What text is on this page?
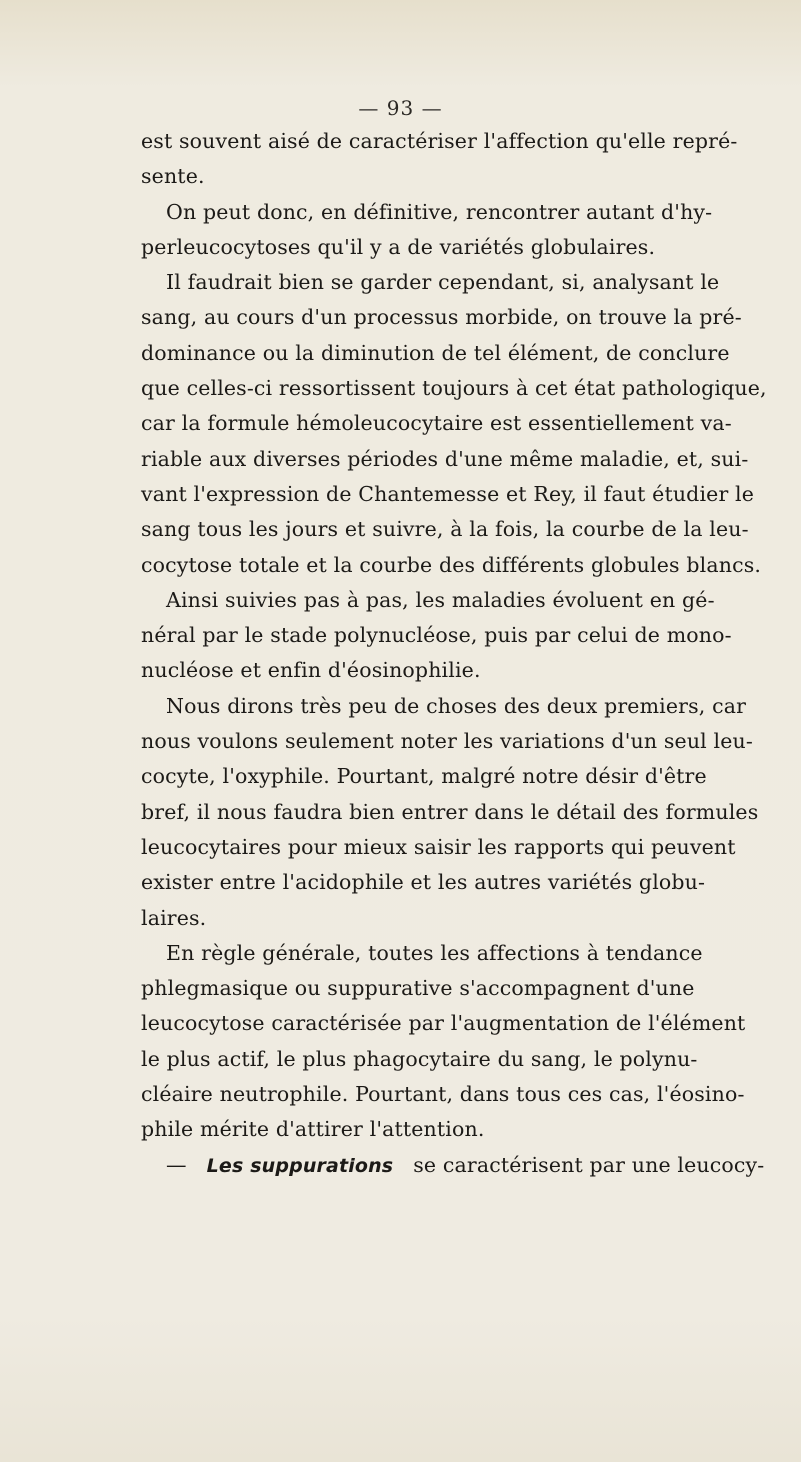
— 93 —
est souvent aisé de caractériser l'affection qu'elle repré-
sente.
On peut donc, en définitive, rencontrer autant d'hy-
perleucocytoses qu'il y a de variétés globulaires.
Il faudrait bien se garder cependant, si, analysant le
sang, au cours d'un processus morbide, on trouve la pré-
dominance ou la diminution de tel élément, de conclure
que celles-ci ressortissent toujours à cet état pathologique,
car la formule hémoleucocytaire est essentiellement va-
riable aux diverses périodes d'une même maladie, et, sui-
vant l'expression de Chantemesse et Rey, il faut étudier le
sang tous les jours et suivre, à la fois, la courbe de la leu-
cocytose totale et la courbe des différents globules blancs.
Ainsi suivies pas à pas, les maladies évoluent en gé-
néral par le stade polynucléose, puis par celui de mono-
nucléose et enfin d'éosinophilie.
Nous dirons très peu de choses des deux premiers, car
nous voulons seulement noter les variations d'un seul leu-
cocyte, l'oxyphile. Pourtant, malgré notre désir d'être
bref, il nous faudra bien entrer dans le détail des formules
leucocytaires pour mieux saisir les rapports qui peuvent
exister entre l'acidophile et les autres variétés globu-
laires.
En règle générale, toutes les affections à tendance
phlegmasique ou suppurative s'accompagnent d'une
leucocytose caractérisée par l'augmentation de l'élément
le plus actif, le plus phagocytaire du sang, le polynu-
cléaire neutrophile. Pourtant, dans tous ces cas, l'éosino-
phile mérite d'attirer l'attention.
— Les suppurations se caractérisent par une leucocy-
